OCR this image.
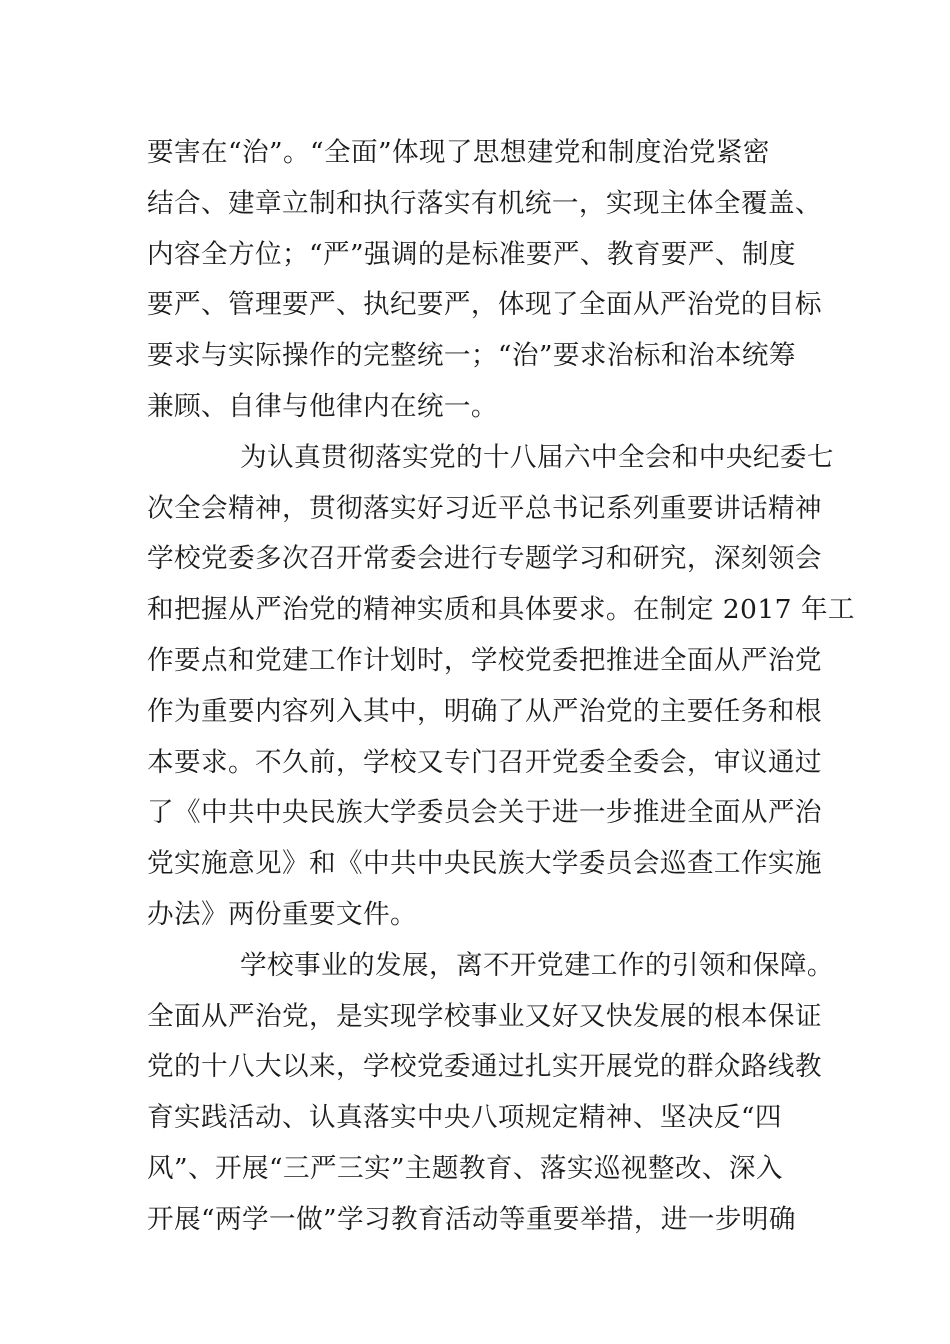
要害在“治”。“全面”体现了思想建党和制度治党紧密
结合、建章立制和执行落实有机统一，实现主体全覆盖、
内容全方位；“严”强调的是标准要严、教育要严、制度
要严、管理要严、执纪要严，体现了全面从严治党的目标
要求与实际操作的完整统一；“治”要求治标和治本统筹
兼顾、自律与他律内在统一。
为认真贯彻落实党的十八届六中全会和中央纪委七
次全会精神，贯彻落实好习近平总书记系列重要讲话精神
学校党委多次召开常委会进行专题学习和研究，深刻领会
和把握从严治党的精神实质和具体要求。在制定 2017 年工
作要点和党建工作计划时，学校党委把推进全面从严治党
作为重要内容列入其中，明确了从严治党的主要任务和根
本要求。不久前，学校又专门召开党委全委会，审议通过
了《中共中央民族大学委员会关于进一步推进全面从严治
党实施意见》和《中共中央民族大学委员会巡查工作实施
办法》两份重要文件。
学校事业的发展，离不开党建工作的引领和保障。
全面从严治党，是实现学校事业又好又快发展的根本保证
党的十八大以来，学校党委通过扎实开展党的群众路线教
育实践活动、认真落实中央八项规定精神、坚决反“四
风”、开展“三严三实”主题教育、落实巡视整改、深入
开展“两学一做”学习教育活动等重要举措，进一步明确
